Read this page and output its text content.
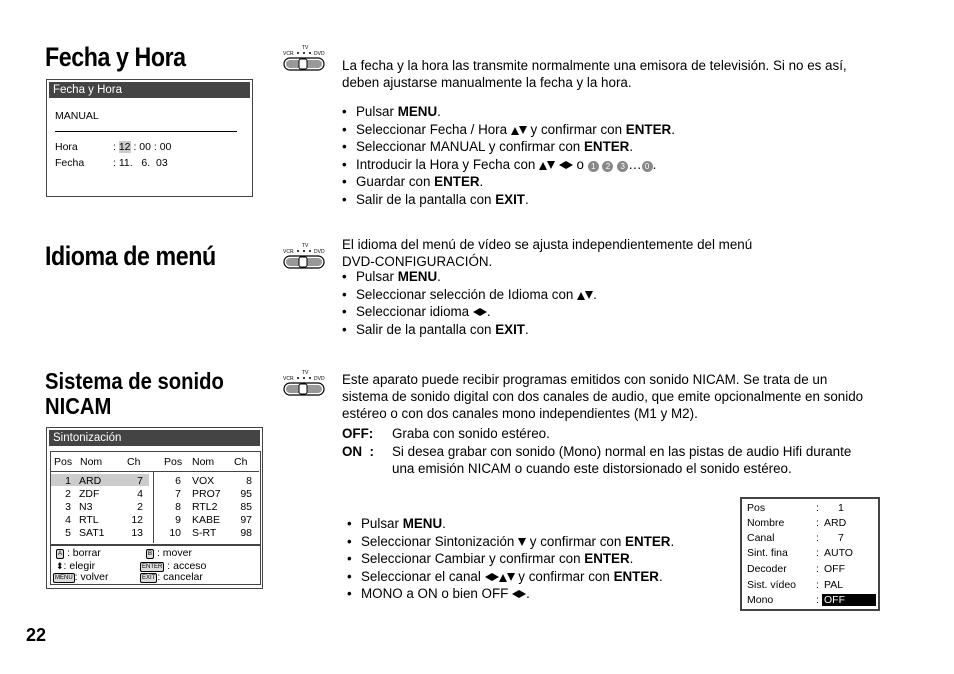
Fecha y Hora	TV
VCR	DVD
La fecha y la hora las transmite normalmente una emisora de televisión. Si no es así,
deben ajustarse manualmente la fecha y la hora.
• Pulsar MENU.
• Seleccionar Fecha / Hora  y confirmar con ENTER.
• Seleccionar MANUAL y confirmar con ENTER.
• Introducir la Hora y Fecha con	o 1 2 3 … 0 .
• Guardar con ENTER.
• Salir de la pantalla con EXIT.
Fecha y Hora
MANUAL
Hora	: 12 : 00 : 00
Fecha	: 11.   6.  03
Idioma de menú	TV
VCR	DVD El idioma del menú de vídeo se ajusta independientemente del menú
DVD-CONFIGURACIÓN.
• Pulsar MENU.
• Seleccionar selección de Idioma con .
• Seleccionar idioma .
• Salir de la pantalla con EXIT.
Sistema de sonido
NICAM
TV
VCR	DVD Este aparato puede recibir programas emitidos con sonido NICAM. Se trata de un
sistema de sonido digital con dos canales de audio, que emite opcionalmente en sonido
estéreo o con dos canales mono independientes (M1 y M2).
OFF: Graba con sonido estéreo.
ON  : Si desea grabar con sonido (Mono) normal en las pistas de audio Hifi durante
una emisión NICAM o cuando este distorsionado el sonido estéreo.
• Pulsar MENU.
• Seleccionar Sintonización  y confirmar con ENTER.
• Seleccionar Cambiar y confirmar con ENTER.
• Seleccionar el canal  y confirmar con ENTER.
• MONO a ON o bien OFF .
Sintonización
Pos Nom Ch Pos Nom Ch
A : borrar	B : mover
⬍: elegir	ENTER : acceso
MENU : volver	EXIT : cancelar
1 ARD	7
2 ZDF	4
3 N3	2
4 RTL	12
5 SAT1	13
6 VOX	8
7 PRO7	95
8 RTL2	85
9 KABE	97
10 S-RT	98
Pos	: 1
Nombre	: ARD
Canal	: 7
Sint. fina	: AUTO
Decoder	: OFF
Sist. vídeo : PAL
Mono	: OFF
22
